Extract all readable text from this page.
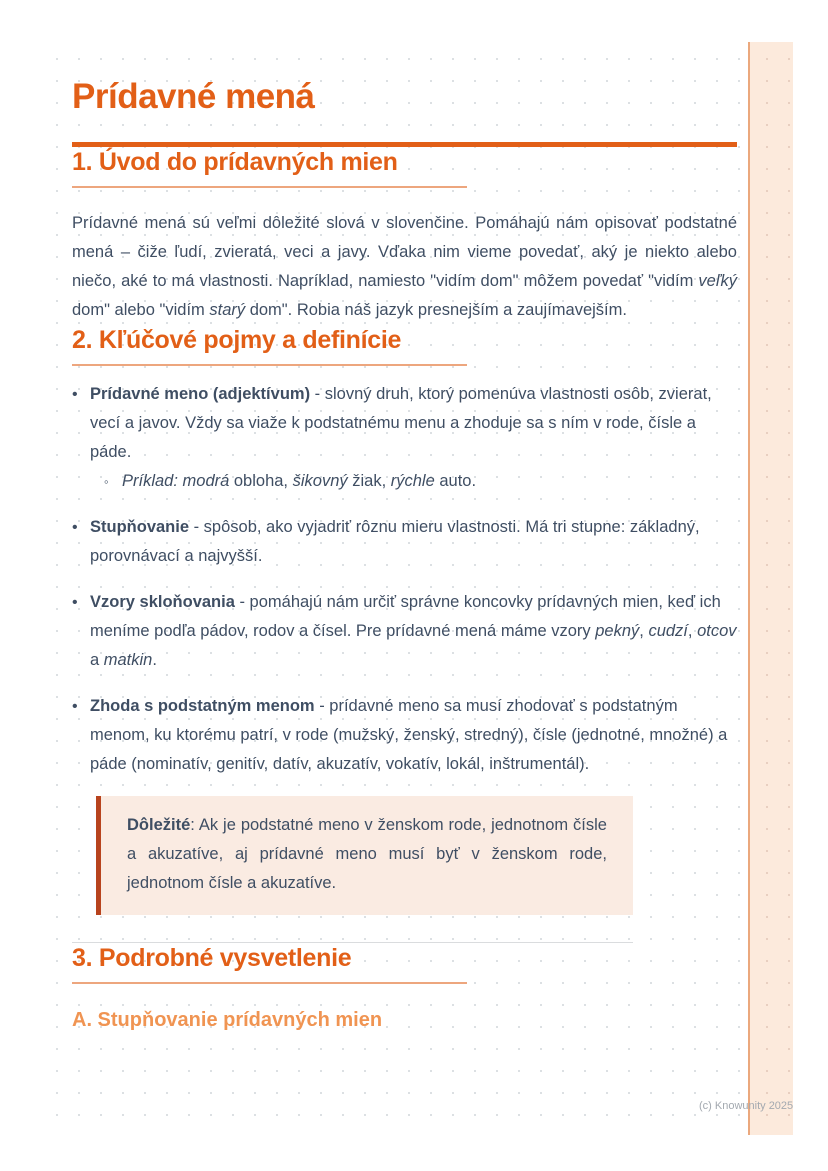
Prídavné mená
1. Úvod do prídavných mien

Prídavné mená sú veľmi dôležité slová v slovenčine. Pomáhajú nám opisovať podstatné mená – čiže ľudí, zvieratá, veci a javy. Vďaka nim vieme povedať, aký je niekto alebo niečo, aké to má vlastnosti. Napríklad, namiesto "vidím dom" môžem povedať "vidím veľký dom" alebo "vidím starý dom". Robia náš jazyk presnejším a zaujímavejším.

2. Kľúčové pojmy a definície
• Prídavné meno (adjektívum) - slovný druh, ktorý pomenúva vlastnosti osôb, zvierat, vecí a javov. Vždy sa viaže k podstatnému menu a zhoduje sa s ním v rode, čísle a páde.
◦ Príklad: modrá obloha, šikovný žiak, rýchle auto.
• Stupňovanie - spôsob, ako vyjadriť rôznu mieru vlastnosti. Má tri stupne: základný, porovnávací a najvyšší.
• Vzory skloňovania - pomáhajú nám určiť správne koncovky prídavných mien, keď ich meníme podľa pádov, rodov a čísel. Pre prídavné mená máme vzory pekný, cudzí, otcov a matkin.
• Zhoda s podstatným menom - prídavné meno sa musí zhodovať s podstatným menom, ku ktorému patrí, v rode (mužský, ženský, stredný), čísle (jednotné, množné) a páde (nominatív, genitív, datív, akuzatív, vokatív, lokál, inštrumentál).
Dôležité: Ak je podstatné meno v ženskom rode, jednotnom čísle a akuzatíve, aj prídavné meno musí byť v ženskom rode, jednotnom čísle a akuzatíve.
3. Podrobné vysvetlenie
A. Stupňovanie prídavných mien
(c) Knowunity 2025
